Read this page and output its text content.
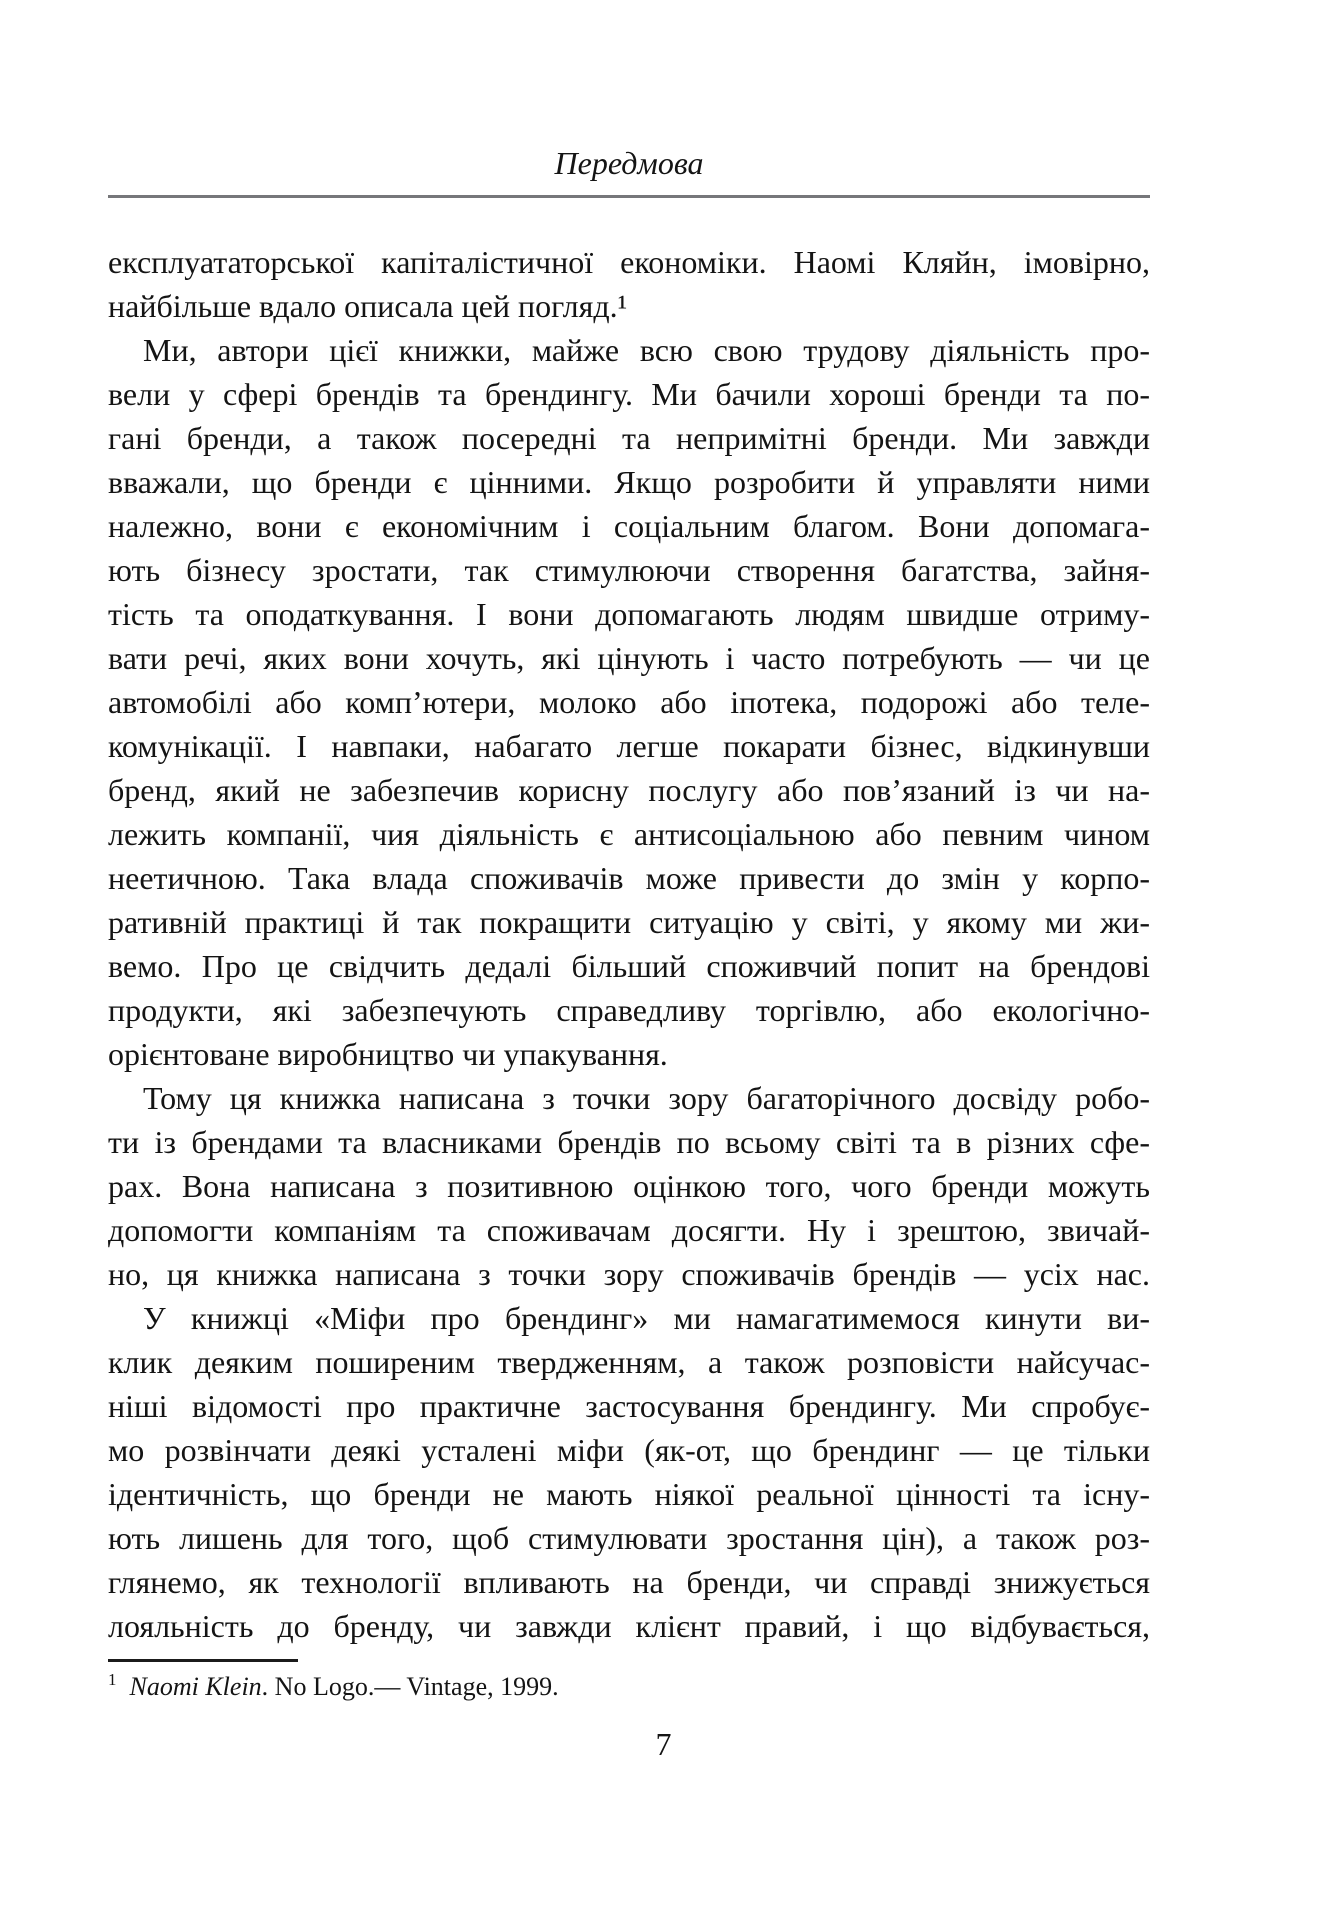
Передмова
експлуататорської капіталістичної економіки. Наомі Кляйн, імовірно,
найбільше вдало описала цей погляд.¹
Ми, автори цієї книжки, майже всю свою трудову діяльність про-
вели у сфері брендів та брендингу. Ми бачили хороші бренди та по-
гані бренди, а також посередні та непримітні бренди. Ми завжди
вважали, що бренди є цінними. Якщо розробити й управляти ними
належно, вони є економічним і соціальним благом. Вони допомага-
ють бізнесу зростати, так стимулюючи створення багатства, зайня-
тість та оподаткування. І вони допомагають людям швидше отриму-
вати речі, яких вони хочуть, які цінують і часто потребують — чи це
автомобілі або комп’ютери, молоко або іпотека, подорожі або теле-
комунікації. І навпаки, набагато легше покарати бізнес, відкинувши
бренд, який не забезпечив корисну послугу або пов’язаний із чи на-
лежить компанії, чия діяльність є антисоціальною або певним чином
неетичною. Така влада споживачів може привести до змін у корпо-
ративній практиці й так покращити ситуацію у світі, у якому ми жи-
вемо. Про це свідчить дедалі більший споживчий попит на брендові
продукти, які забезпечують справедливу торгівлю, або екологічно-
орієнтоване виробництво чи упакування.
Тому ця книжка написана з точки зору багаторічного досвіду робо-
ти із брендами та власниками брендів по всьому світі та в різних сфе-
рах. Вона написана з позитивною оцінкою того, чого бренди можуть
допомогти компаніям та споживачам досягти. Ну і зрештою, звичай-
но, ця книжка написана з точки зору споживачів брендів — усіх нас.
У книжці «Міфи про брендинг» ми намагатимемося кинути ви-
клик деяким поширеним твердженням, а також розповісти найсучас-
ніші відомості про практичне застосування брендингу. Ми спробує-
мо розвінчати деякі усталені міфи (як-от, що брендинг — це тільки
ідентичність, що бренди не мають ніякої реальної цінності та існу-
ють лишень для того, щоб стимулювати зростання цін), а також роз-
глянемо, як технології впливають на бренди, чи справді знижується
лояльність до бренду, чи завжди клієнт правий, і що відбувається,
$^1$ Naomi Klein. No Logo.— Vintage, 1999.
7
